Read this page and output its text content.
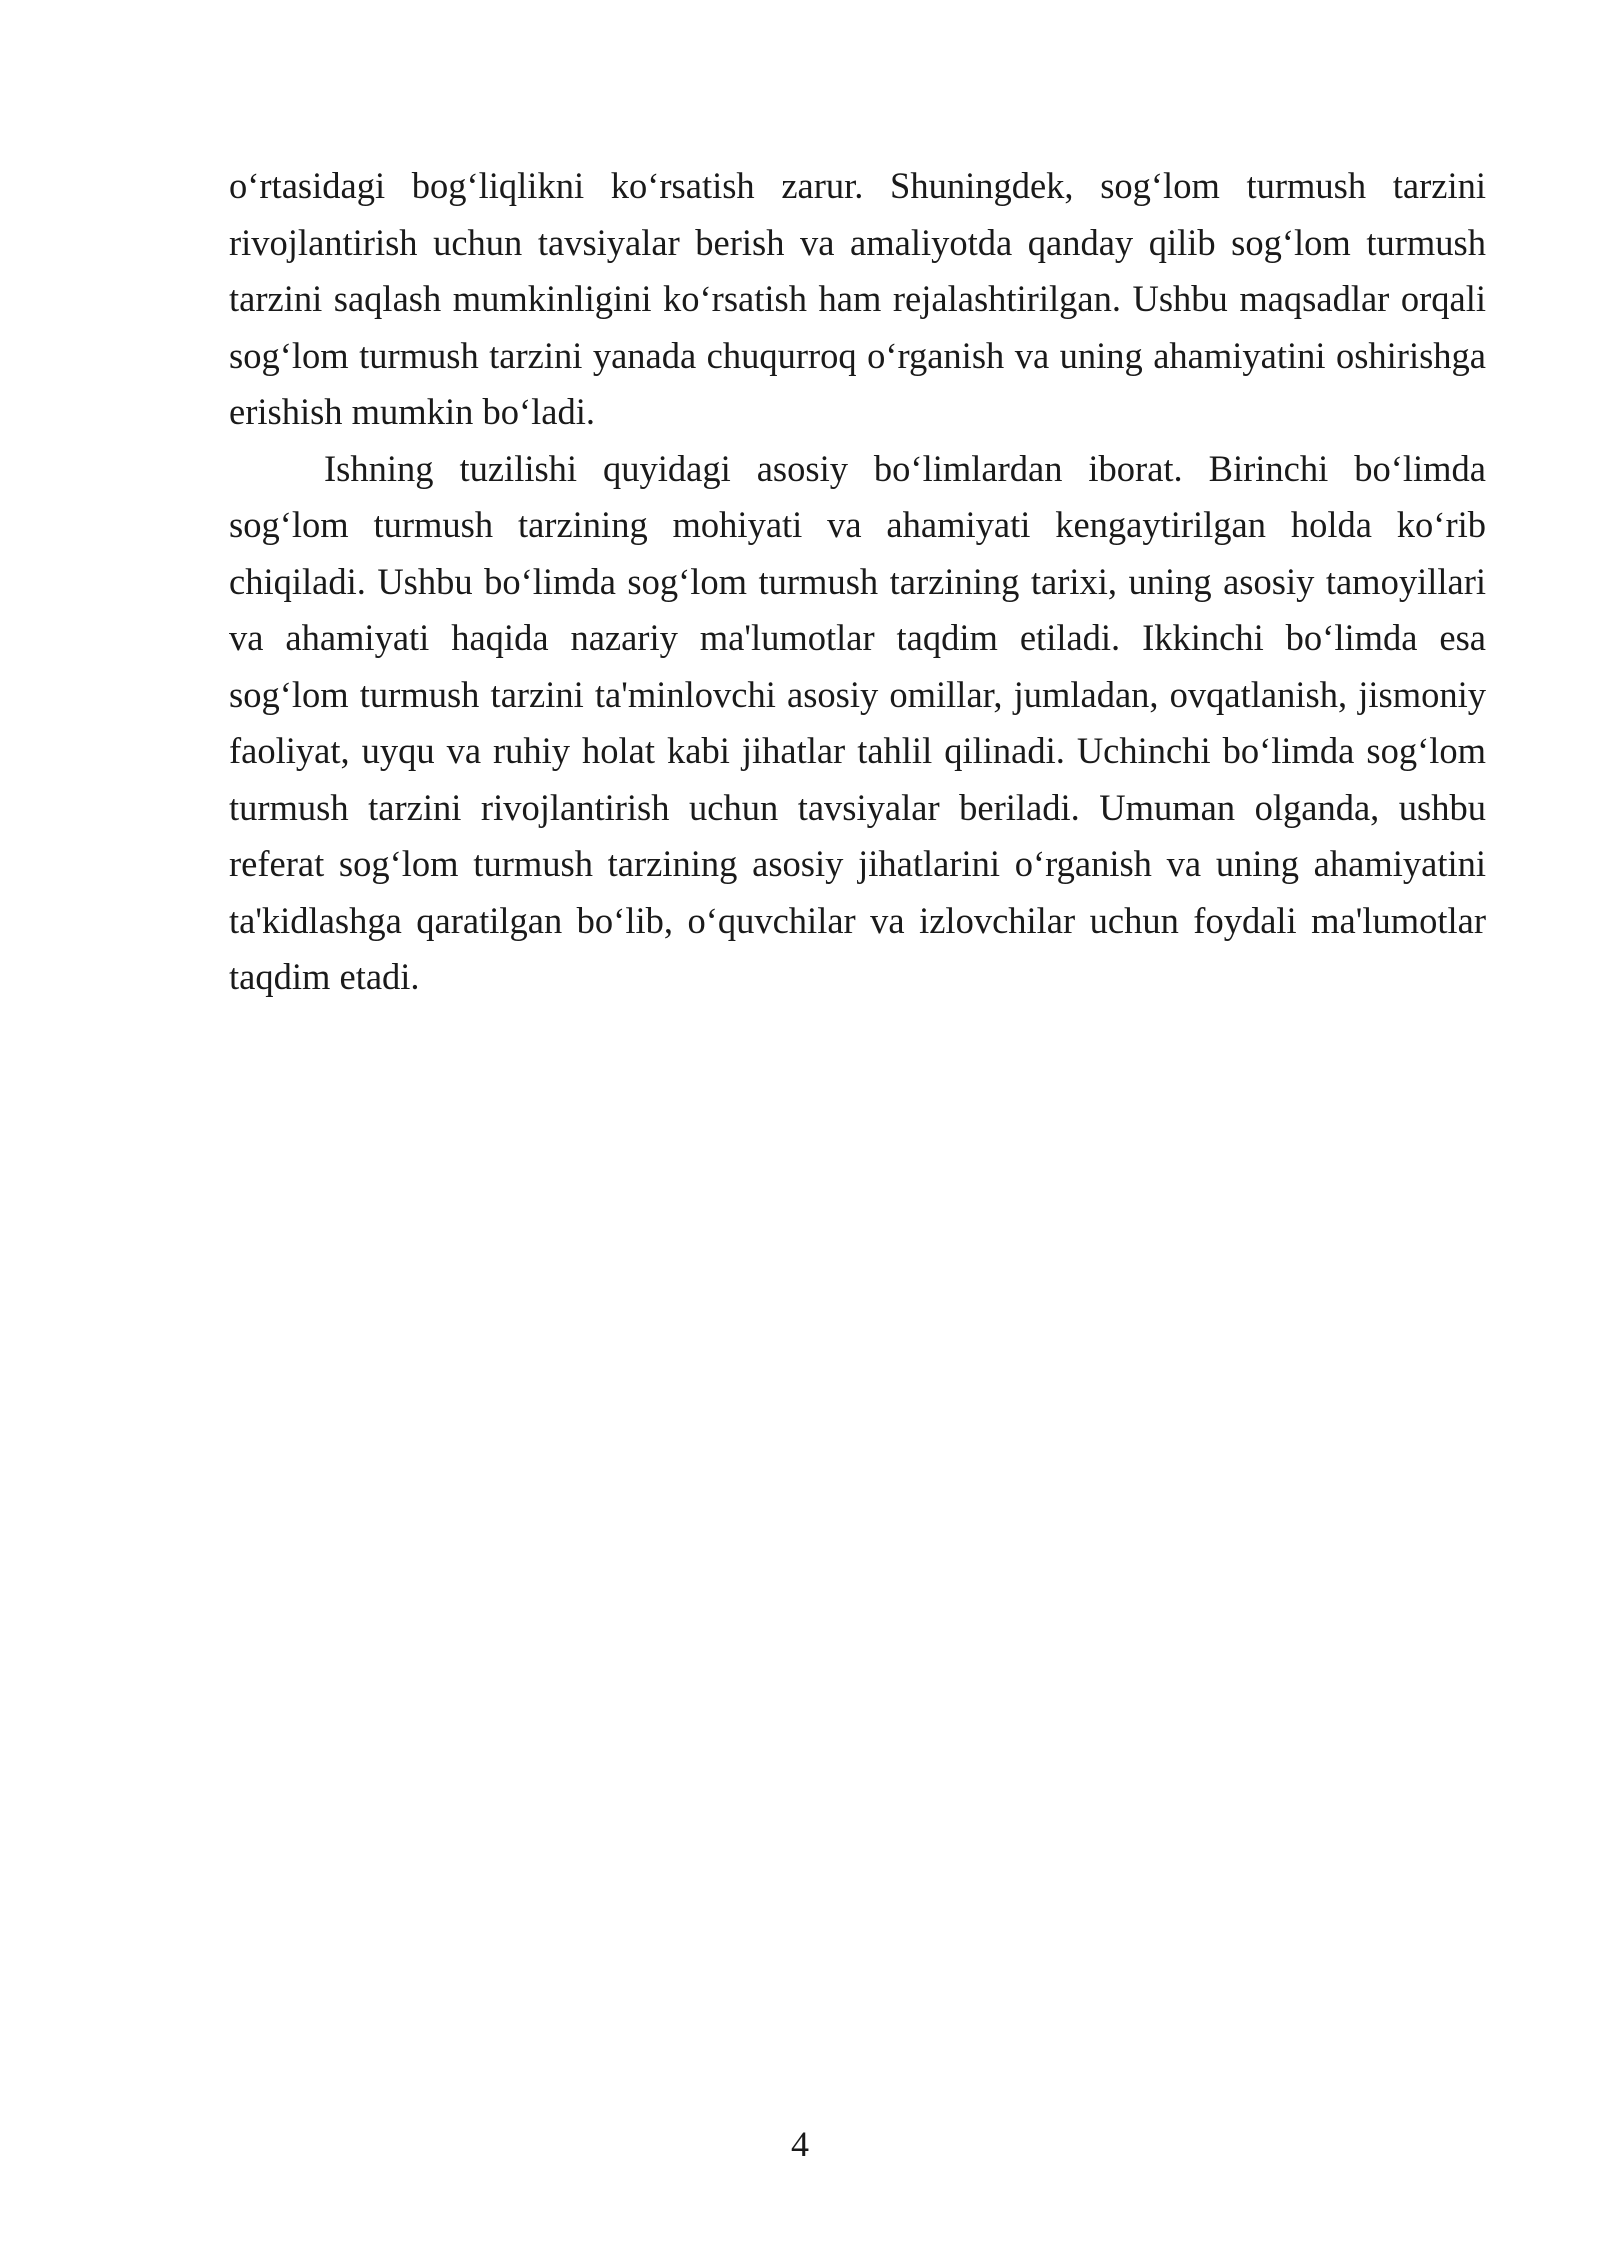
o‘rtasidagi bog‘liqlikni ko‘rsatish zarur. Shuningdek, sog‘lom turmush tarzini rivojlantirish uchun tavsiyalar berish va amaliyotda qanday qilib sog‘lom turmush tarzini saqlash mumkinligini ko‘rsatish ham rejalashtirilgan. Ushbu maqsadlar orqali sog‘lom turmush tarzini yanada chuqurroq o‘rganish va uning ahamiyatini oshirishga erishish mumkin bo‘ladi.

Ishning tuzilishi quyidagi asosiy bo‘limlardan iborat. Birinchi bo‘limda sog‘lom turmush tarzining mohiyati va ahamiyati kengaytirilgan holda ko‘rib chiqiladi. Ushbu bo‘limda sog‘lom turmush tarzining tarixi, uning asosiy tamoyillari va ahamiyati haqida nazariy ma'lumotlar taqdim etiladi. Ikkinchi bo‘limda esa sog‘lom turmush tarzini ta'minlovchi asosiy omillar, jumladan, ovqatlanish, jismoniy faoliyat, uyqu va ruhiy holat kabi jihatlar tahlil qilinadi. Uchinchi bo‘limda sog‘lom turmush tarzini rivojlantirish uchun tavsiyalar beriladi. Umuman olganda, ushbu referat sog‘lom turmush tarzining asosiy jihatlarini o‘rganish va uning ahamiyatini ta'kidlashga qaratilgan bo‘lib, o‘quvchilar va izlovchilar uchun foydali ma'lumotlar taqdim etadi.

4
